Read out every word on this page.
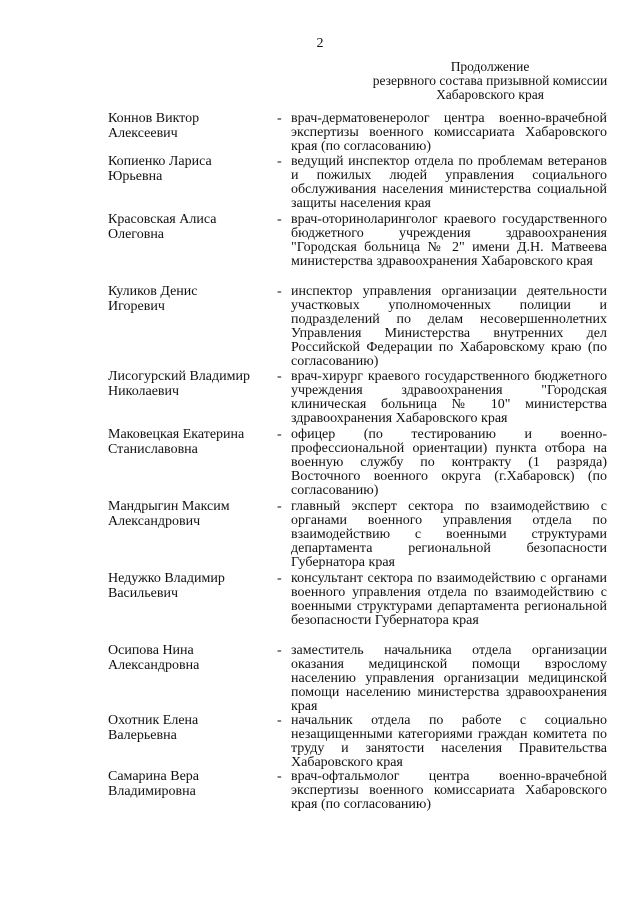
2
Продолжение
резервного состава призывной комиссии
Хабаровского края
Коннов Виктор
Алексеевич
- врач-дерматовенеролог центра военно-врачебной экспертизы военного комиссариата Хабаровского края (по согласованию)
Копиенко Лариса
Юрьевна
- ведущий инспектор отдела по проблемам ветеранов и пожилых людей управления социального обслуживания населения министерства социальной защиты населения края
Красовская Алиса
Олеговна
- врач-оториноларинголог краевого государственного бюджетного учреждения здравоохранения "Городская больница № 2" имени Д.Н. Матвеева министерства здравоохранения Хабаровского края
Куликов Денис
Игоревич
- инспектор управления организации деятельности участковых уполномоченных полиции и подразделений по делам несовершеннолетних Управления Министерства внутренних дел Российской Федерации по Хабаровскому краю (по согласованию)
Лисогурский Владимир
Николаевич
- врач-хирург краевого государственного бюджетного учреждения здравоохранения "Городская клиническая больница № 10" министерства здравоохранения Хабаровского края
Маковецкая Екатерина
Станиславовна
- офицер (по тестированию и военно-профессиональной ориентации) пункта отбора на военную службу по контракту (1 разряда) Восточного военного округа (г.Хабаровск) (по согласованию)
Мандрыгин Максим
Александрович
- главный эксперт сектора по взаимодействию с органами военного управления отдела по взаимодействию с военными структурами департамента региональной безопасности Губернатора края
Недужко Владимир
Васильевич
- консультант сектора по взаимодействию с органами военного управления отдела по взаимодействию с военными структурами департамента региональной безопасности Губернатора края
Осипова Нина
Александровна
- заместитель начальника отдела организации оказания медицинской помощи взрослому населению управления организации медицинской помощи населению министерства здравоохранения края
Охотник Елена
Валерьевна
- начальник отдела по работе с социально незащищенными категориями граждан комитета по труду и занятости населения Правительства Хабаровского края
Самарина Вера
Владимировна
- врач-офтальмолог центра военно-врачебной экспертизы военного комиссариата Хабаровского края (по согласованию)
